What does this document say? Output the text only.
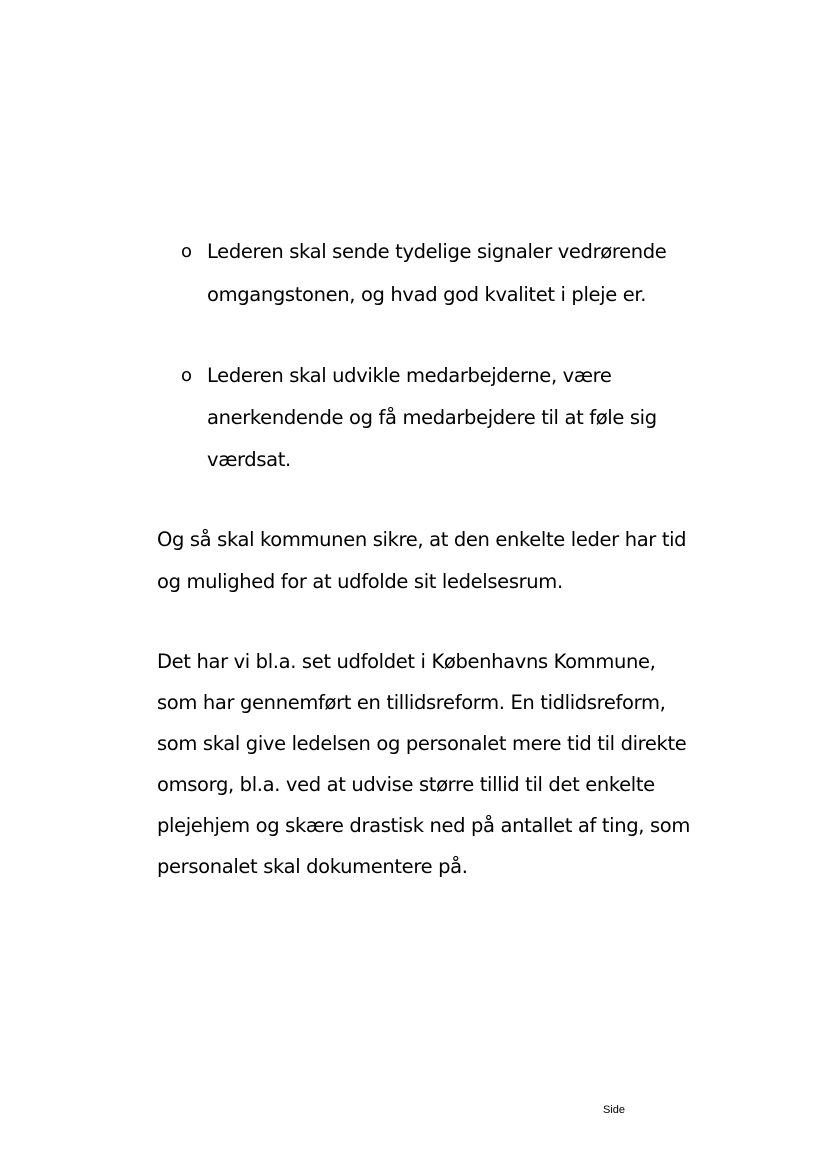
o Lederen skal sende tydelige signaler vedrørende
omgangstonen, og hvad god kvalitet i pleje er.
o Lederen skal udvikle medarbejderne, være
anerkendende og få medarbejdere til at føle sig
værdsat.
Og så skal kommunen sikre, at den enkelte leder har tid
og mulighed for at udfolde sit ledelsesrum.
Det har vi bl.a. set udfoldet i Københavns Kommune,
som har gennemført en tillidsreform. En tidlidsreform,
som skal give ledelsen og personalet mere tid til direkte
omsorg, bl.a. ved at udvise større tillid til det enkelte
plejehjem og skære drastisk ned på antallet af ting, som
personalet skal dokumentere på.
Side
